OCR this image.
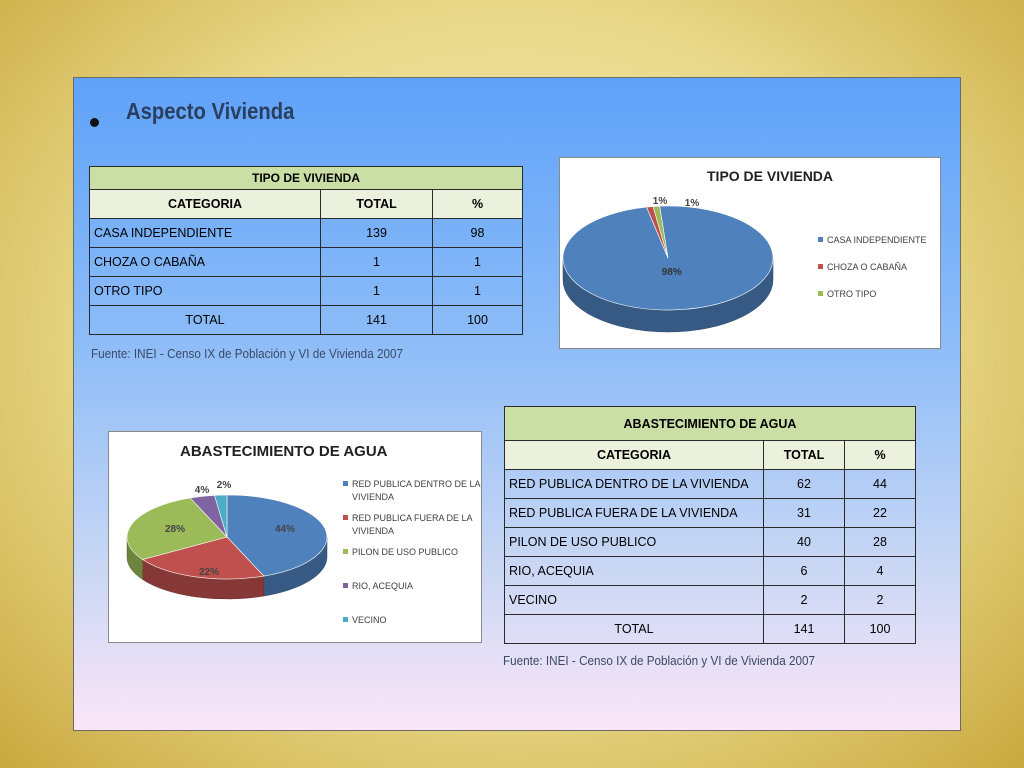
Aspecto Vivienda
TIPO DE VIVIENDA		
CATEGORIA	TOTAL	%
CASA INDEPENDIENTE	139	98
CHOZA O CABAÑA	1	1
OTRO TIPO	1	1
TOTAL	141	100
Fuente: INEI - Censo IX de Población y VI de Vivienda 2007
TIPO DE VIVIENDA
98%
1% 1%
CASA INDEPENDIENTE
CHOZA O CABAÑA
OTRO TIPO
ABASTECIMIENTO DE AGUA
44%
22%
28%
4% 2%	RED PUBLICA DENTRO DE LA
VIVIENDA
RED PUBLICA FUERA DE LA
VIVIENDA
PILON DE USO PUBLICO
RIO, ACEQUIA
VECINO
ABASTECIMIENTO DE AGUA		
CATEGORIA	TOTAL	%
RED PUBLICA DENTRO DE LA VIVIENDA	62	44
RED PUBLICA FUERA DE LA VIVIENDA	31	22
PILON DE USO PUBLICO	40	28
RIO, ACEQUIA	6	4
VECINO	2	2
TOTAL	141	100
Fuente: INEI - Censo IX de Población y VI de Vivienda 2007
